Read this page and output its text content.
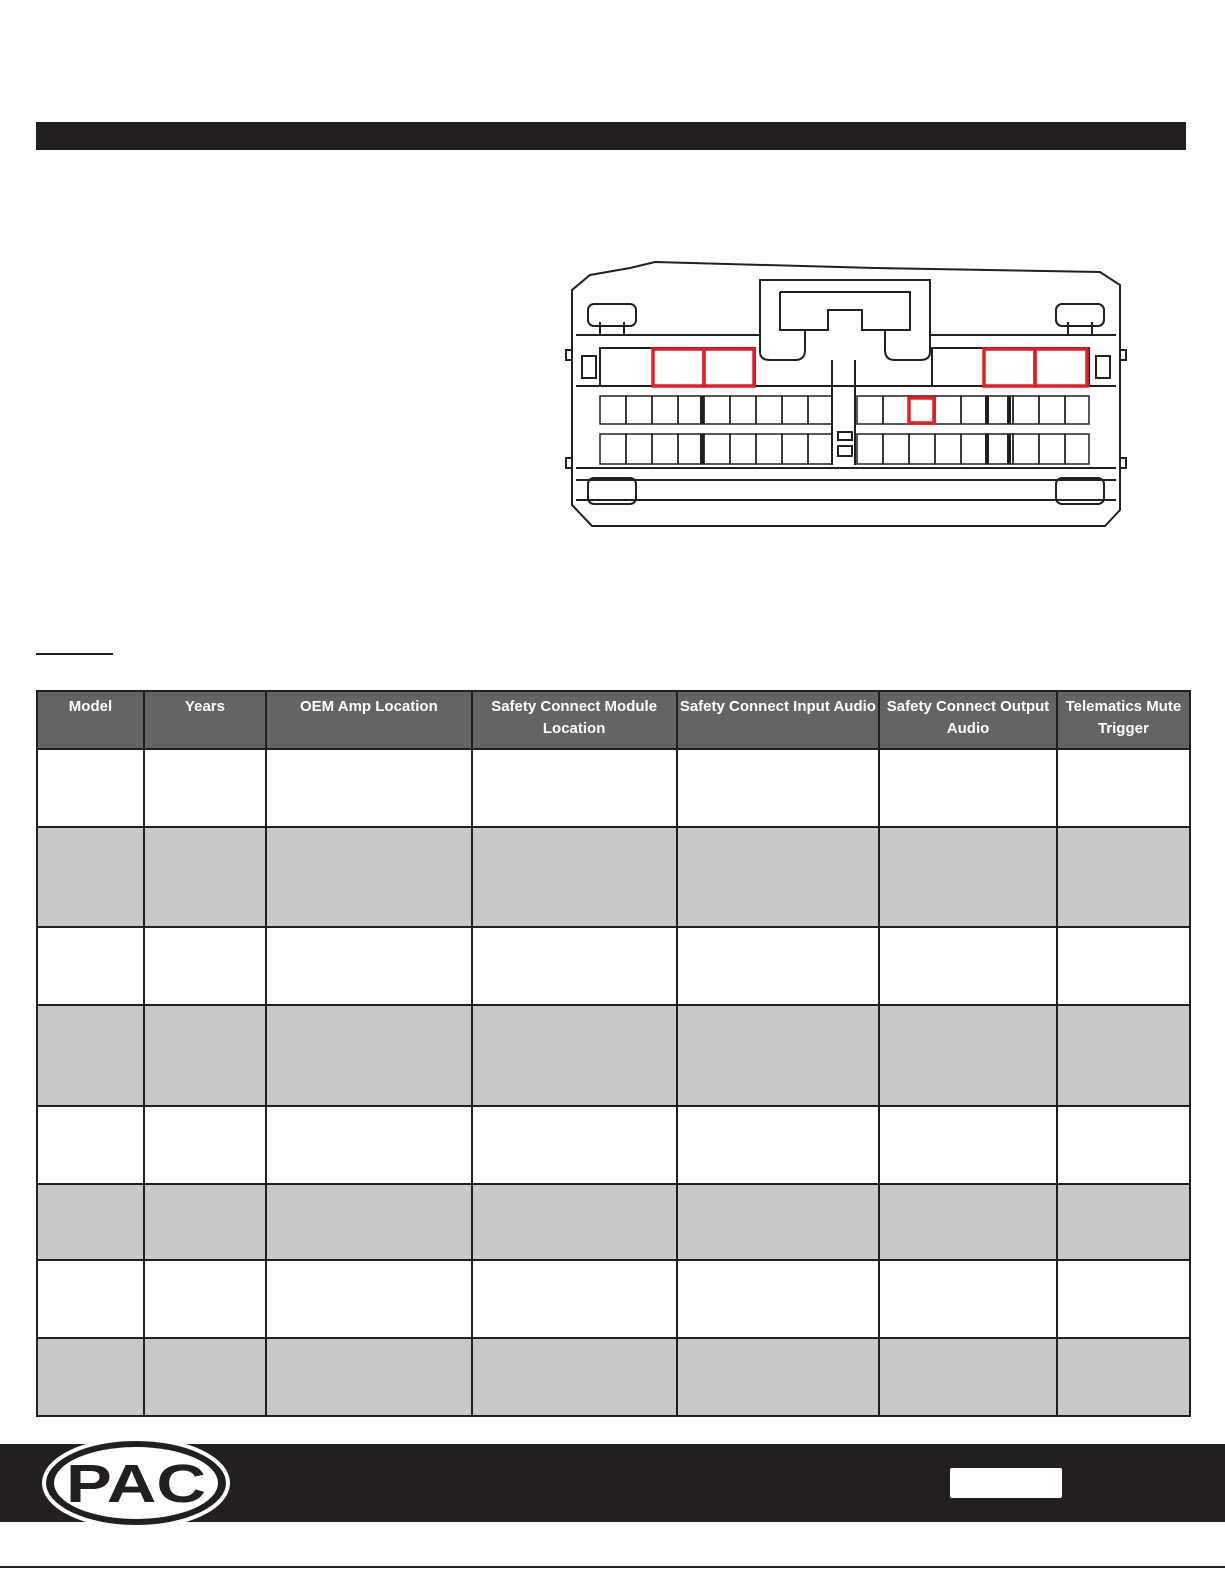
Model	Years	OEM Amp Location	Safety Connect Module Location	Safety Connect Input Audio	Safety Connect Output Audio	Telematics Mute Trigger

PAC
